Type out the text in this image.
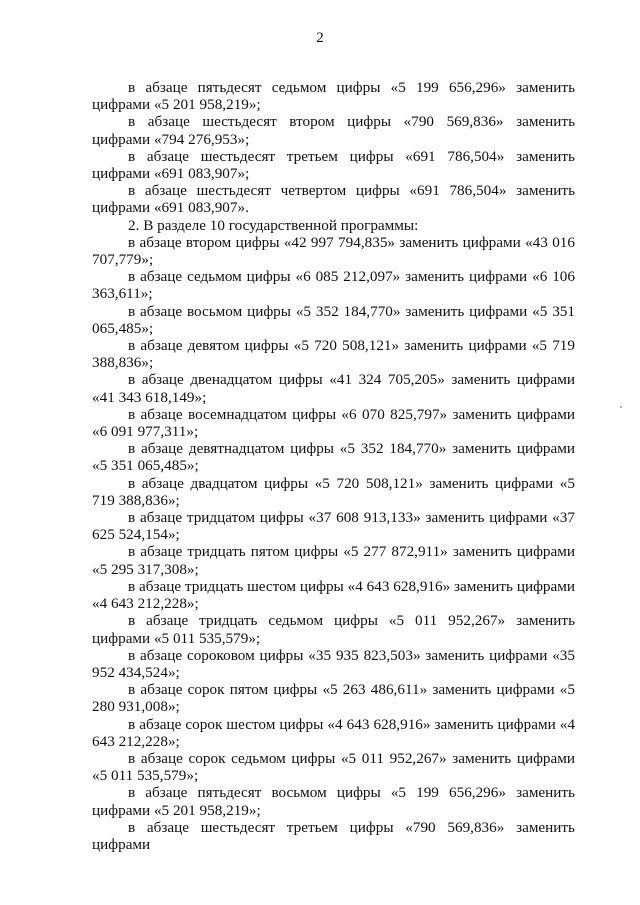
2

в абзаце пятьдесят седьмом цифры «5 199 656,296» заменить цифрами «5 201 958,219»;

в абзаце шестьдесят втором цифры «790 569,836» заменить цифрами «794 276,953»;

в абзаце шестьдесят третьем цифры «691 786,504» заменить цифрами «691 083,907»;

в абзаце шестьдесят четвертом цифры «691 786,504» заменить цифрами «691 083,907».

2. В разделе 10 государственной программы:

в абзаце втором цифры «42 997 794,835» заменить цифрами «43 016 707,779»;

в абзаце седьмом цифры «6 085 212,097» заменить цифрами «6 106 363,611»;

в абзаце восьмом цифры «5 352 184,770» заменить цифрами «5 351 065,485»;

в абзаце девятом цифры «5 720 508,121» заменить цифрами «5 719 388,836»;

в абзаце двенадцатом цифры «41 324 705,205» заменить цифрами «41 343 618,149»;

в абзаце восемнадцатом цифры «6 070 825,797» заменить цифрами «6 091 977,311»;

в абзаце девятнадцатом цифры «5 352 184,770» заменить цифрами «5 351 065,485»;

в абзаце двадцатом цифры «5 720 508,121» заменить цифрами «5 719 388,836»;

в абзаце тридцатом цифры «37 608 913,133» заменить цифрами «37 625 524,154»;

в абзаце тридцать пятом цифры «5 277 872,911» заменить цифрами «5 295 317,308»;

в абзаце тридцать шестом цифры «4 643 628,916» заменить цифрами «4 643 212,228»;

в абзаце тридцать седьмом цифры «5 011 952,267» заменить цифрами «5 011 535,579»;

в абзаце сороковом цифры «35 935 823,503» заменить цифрами «35 952 434,524»;

в абзаце сорок пятом цифры «5 263 486,611» заменить цифрами «5 280 931,008»;

в абзаце сорок шестом цифры «4 643 628,916» заменить цифрами «4 643 212,228»;

в абзаце сорок седьмом цифры «5 011 952,267» заменить цифрами «5 011 535,579»;

в абзаце пятьдесят восьмом цифры «5 199 656,296» заменить цифрами «5 201 958,219»;

в абзаце шестьдесят третьем цифры «790 569,836» заменить цифрами
